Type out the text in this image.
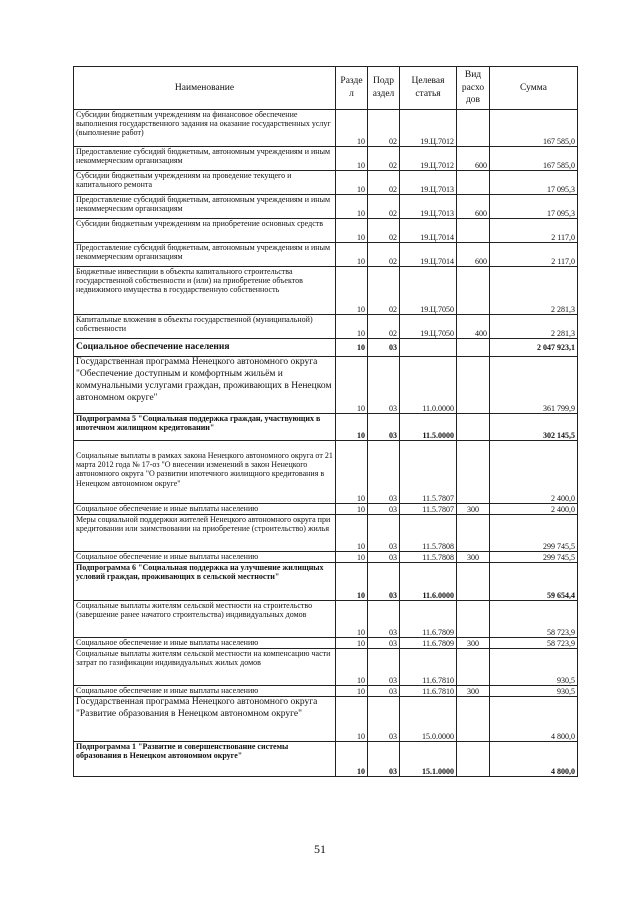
Наименование	Разде л	Подр аздел	Целевая статья	Вид расхо дов	Сумма
Субсидии бюджетным учреждениям на финансовое обеспечение выполнения государственного задания на оказание государственных услуг (выполнение работ)	10	02	19.Ц.7012		167 585,0
Предоставление субсидий бюджетным, автономным учреждениям и иным некоммерческим организациям	10	02	19.Ц.7012	600	167 585,0
Субсидии бюджетным учреждениям на проведение текущего и капитального ремонта	10	02	19.Ц.7013		17 095,3
Предоставление субсидий бюджетным, автономным учреждениям и иным некоммерческим организациям	10	02	19.Ц.7013	600	17 095,3
Субсидии бюджетным учреждениям на приобретение основных средств	10	02	19.Ц.7014		2 117,0
Предоставление субсидий бюджетным, автономным учреждениям и иным некоммерческим организациям	10	02	19.Ц.7014	600	2 117,0
Бюджетные инвестиции в объекты капитального строительства государственной собственности и (или) на приобретение объектов недвижимого имущества в государственную собственность	10	02	19.Ц.7050		2 281,3
Капитальные вложения в объекты государственной (муниципальной) собственности	10	02	19.Ц.7050	400	2 281,3
Социальное обеспечение населения	10	03			2 047 923,1
Государственная программа Ненецкого автономного округа "Обеспечение доступным и комфортным жильём и коммунальными услугами граждан, проживающих в Ненецком автономном округе"	10	03	11.0.0000		361 799,9
Подпрограмма 5 "Социальная поддержка граждан, участвующих в ипотечном жилищном кредитовании"	10	03	11.5.0000		302 145,5
Социальные выплаты в рамках закона Ненецкого автономного округа от 21 марта 2012 года № 17-оз "О внесении изменений в закон Ненецкого автономного округа "О развитии ипотечного жилищного кредитования в Ненецком автономном округе"	10	03	11.5.7807		2 400,0
Социальное обеспечение и иные выплаты населению	10	03	11.5.7807	300	2 400,0
Меры социальной поддержки жителей Ненецкого автономного округа при кредитовании или заимствовании на приобретение (строительство) жилья	10	03	11.5.7808		299 745,5
Социальное обеспечение и иные выплаты населению	10	03	11.5.7808	300	299 745,5
Подпрограмма 6 "Социальная поддержка на улучшение жилищных условий граждан, проживающих в сельской местности"	10	03	11.6.0000		59 654,4
Социальные выплаты жителям сельской местности на строительство (завершение ранее начатого строительства) индивидуальных домов	10	03	11.6.7809		58 723,9
Социальное обеспечение и иные выплаты населению	10	03	11.6.7809	300	58 723,9
Социальные выплаты жителям сельской местности на компенсацию части затрат по газификации индивидуальных жилых домов	10	03	11.6.7810		930,5
Социальное обеспечение и иные выплаты населению	10	03	11.6.7810	300	930,5
Государственная программа Ненецкого автономного округа "Развитие образования в Ненецком автономном округе"	10	03	15.0.0000		4 800,0
Подпрограмма 1 "Развитие и совершенствование системы образования в Ненецком автономном округе"	10	03	15.1.0000		4 800,0
51
